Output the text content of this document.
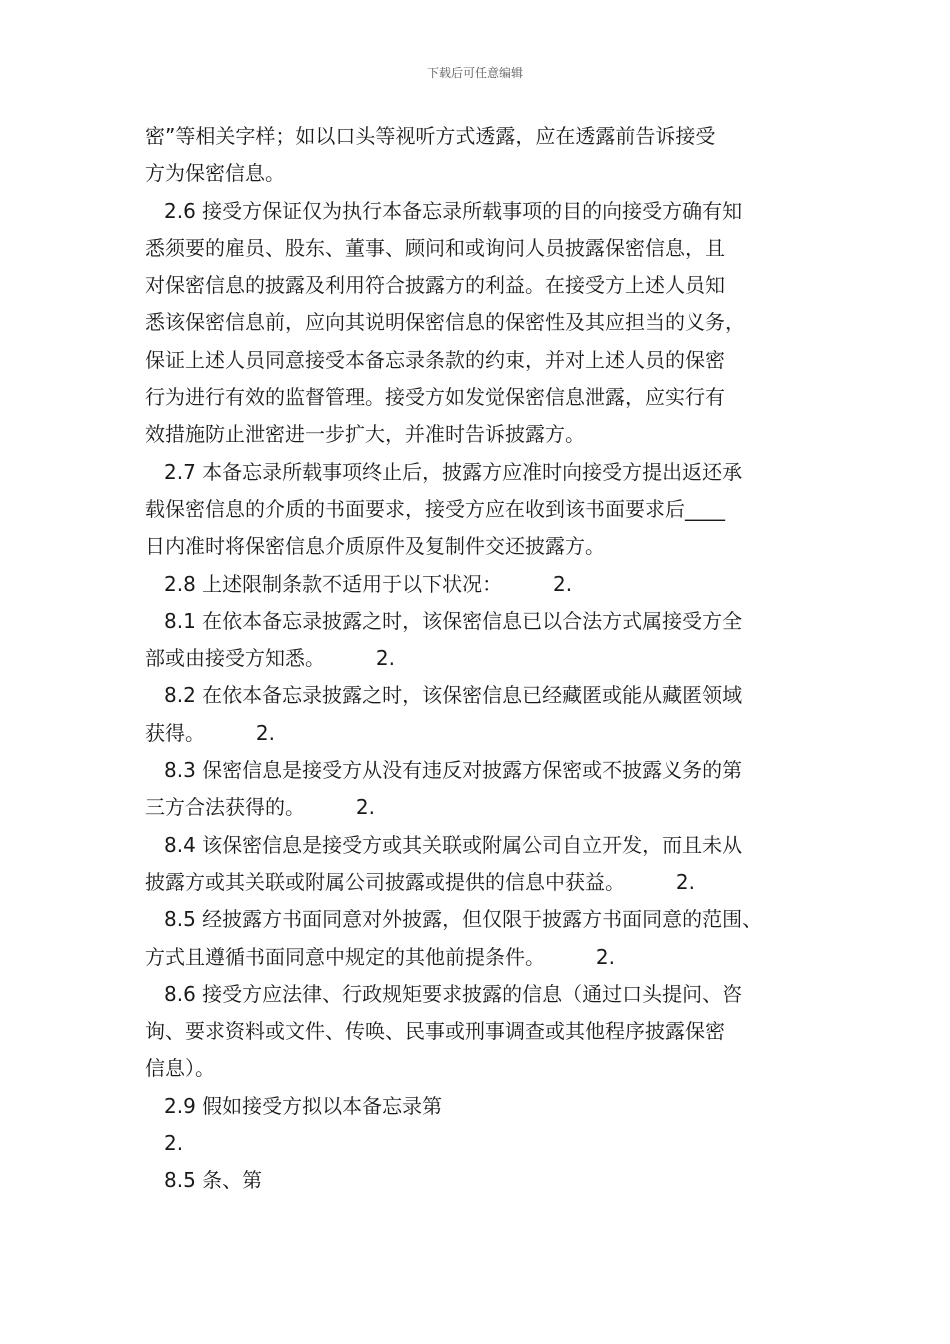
下载后可任意编辑
密”等相关字样；如以口头等视听方式透露，应在透露前告诉接受
方为保密信息。
2.6 接受方保证仅为执行本备忘录所载事项的目的向接受方确有知
悉须要的雇员、股东、董事、顾问和或询问人员披露保密信息，且
对保密信息的披露及利用符合披露方的利益。在接受方上述人员知
悉该保密信息前，应向其说明保密信息的保密性及其应担当的义务，
保证上述人员同意接受本备忘录条款的约束，并对上述人员的保密
行为进行有效的监督管理。接受方如发觉保密信息泄露，应实行有
效措施防止泄密进一步扩大，并准时告诉披露方。
2.7 本备忘录所载事项终止后，披露方应准时向接受方提出返还承
载保密信息的介质的书面要求，接受方应在收到该书面要求后____
日内准时将保密信息介质原件及复制件交还披露方。
2.8 上述限制条款不适用于以下状况：        2.
8.1 在依本备忘录披露之时，该保密信息已以合法方式属接受方全
部或由接受方知悉。        2.
8.2 在依本备忘录披露之时，该保密信息已经藏匿或能从藏匿领域
获得。        2.
8.3 保密信息是接受方从没有违反对披露方保密或不披露义务的第
三方合法获得的。        2.
8.4 该保密信息是接受方或其关联或附属公司自立开发，而且未从
披露方或其关联或附属公司披露或提供的信息中获益。        2.
8.5 经披露方书面同意对外披露，但仅限于披露方书面同意的范围、
方式且遵循书面同意中规定的其他前提条件。        2.
8.6 接受方应法律、行政规矩要求披露的信息（通过口头提问、咨
询、要求资料或文件、传唤、民事或刑事调查或其他程序披露保密
信息）。
2.9 假如接受方拟以本备忘录第
2.
8.5 条、第
